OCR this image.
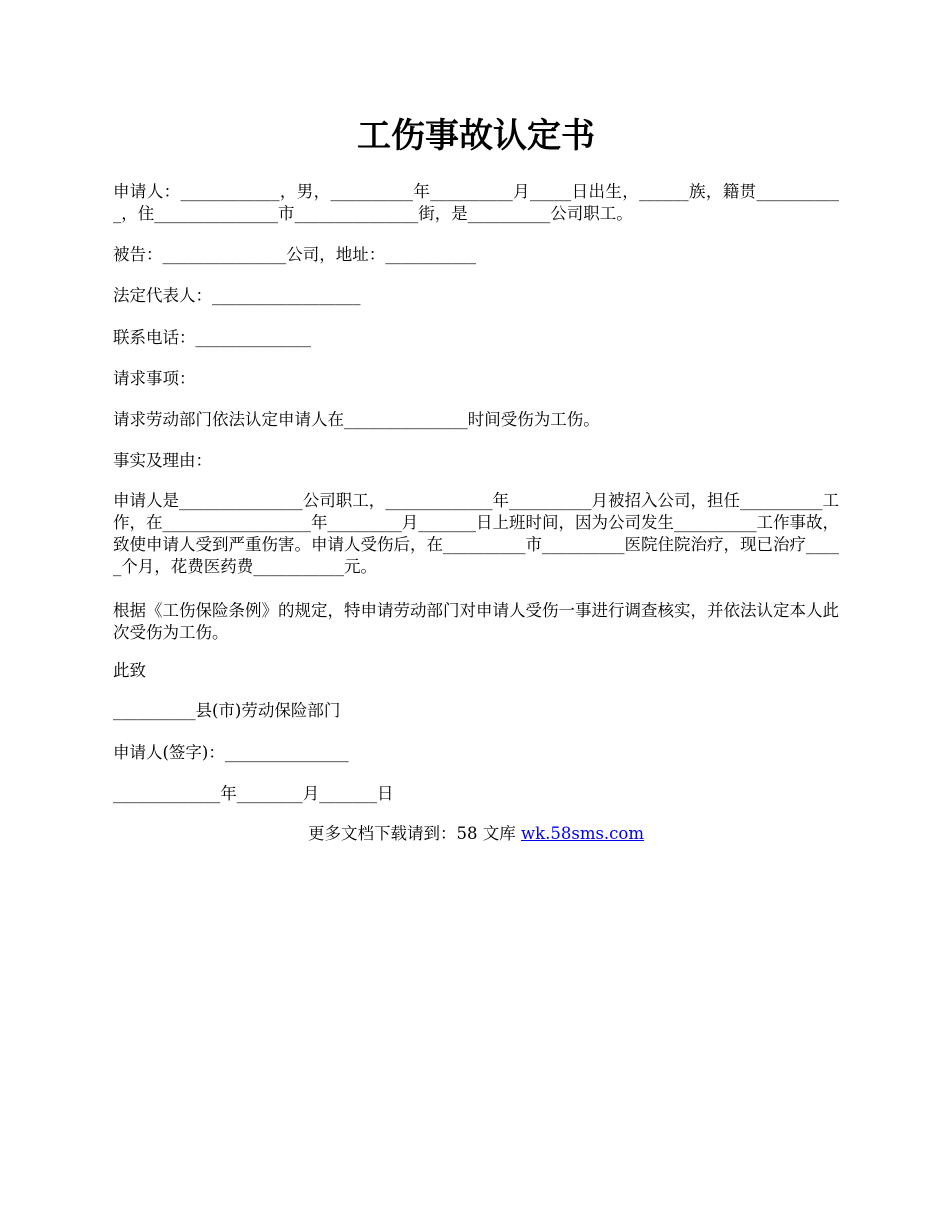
工伤事故认定书

申请人：____________，男，__________年__________月_____日出生，______族，籍贯___________，住_______________市_______________街，是__________公司职工。

被告：_______________公司，地址：___________

法定代表人：__________________

联系电话：______________

请求事项：

请求劳动部门依法认定申请人在_______________时间受伤为工伤。

事实及理由：

申请人是_______________公司职工，_____________年__________月被招入公司，担任__________工作，在__________________年_________月_______日上班时间，因为公司发生__________工作事故，致使申请人受到严重伤害。申请人受伤后，在__________市__________医院住院治疗，现已治疗_____个月，花费医药费___________元。

根据《工伤保险条例》的规定，特申请劳动部门对申请人受伤一事进行调查核实，并依法认定本人此次受伤为工伤。

此致

__________县(市)劳动保险部门

申请人(签字)：_______________

_____________年________月_______日

更多文档下载请到：58 文库 wk.58sms.com
